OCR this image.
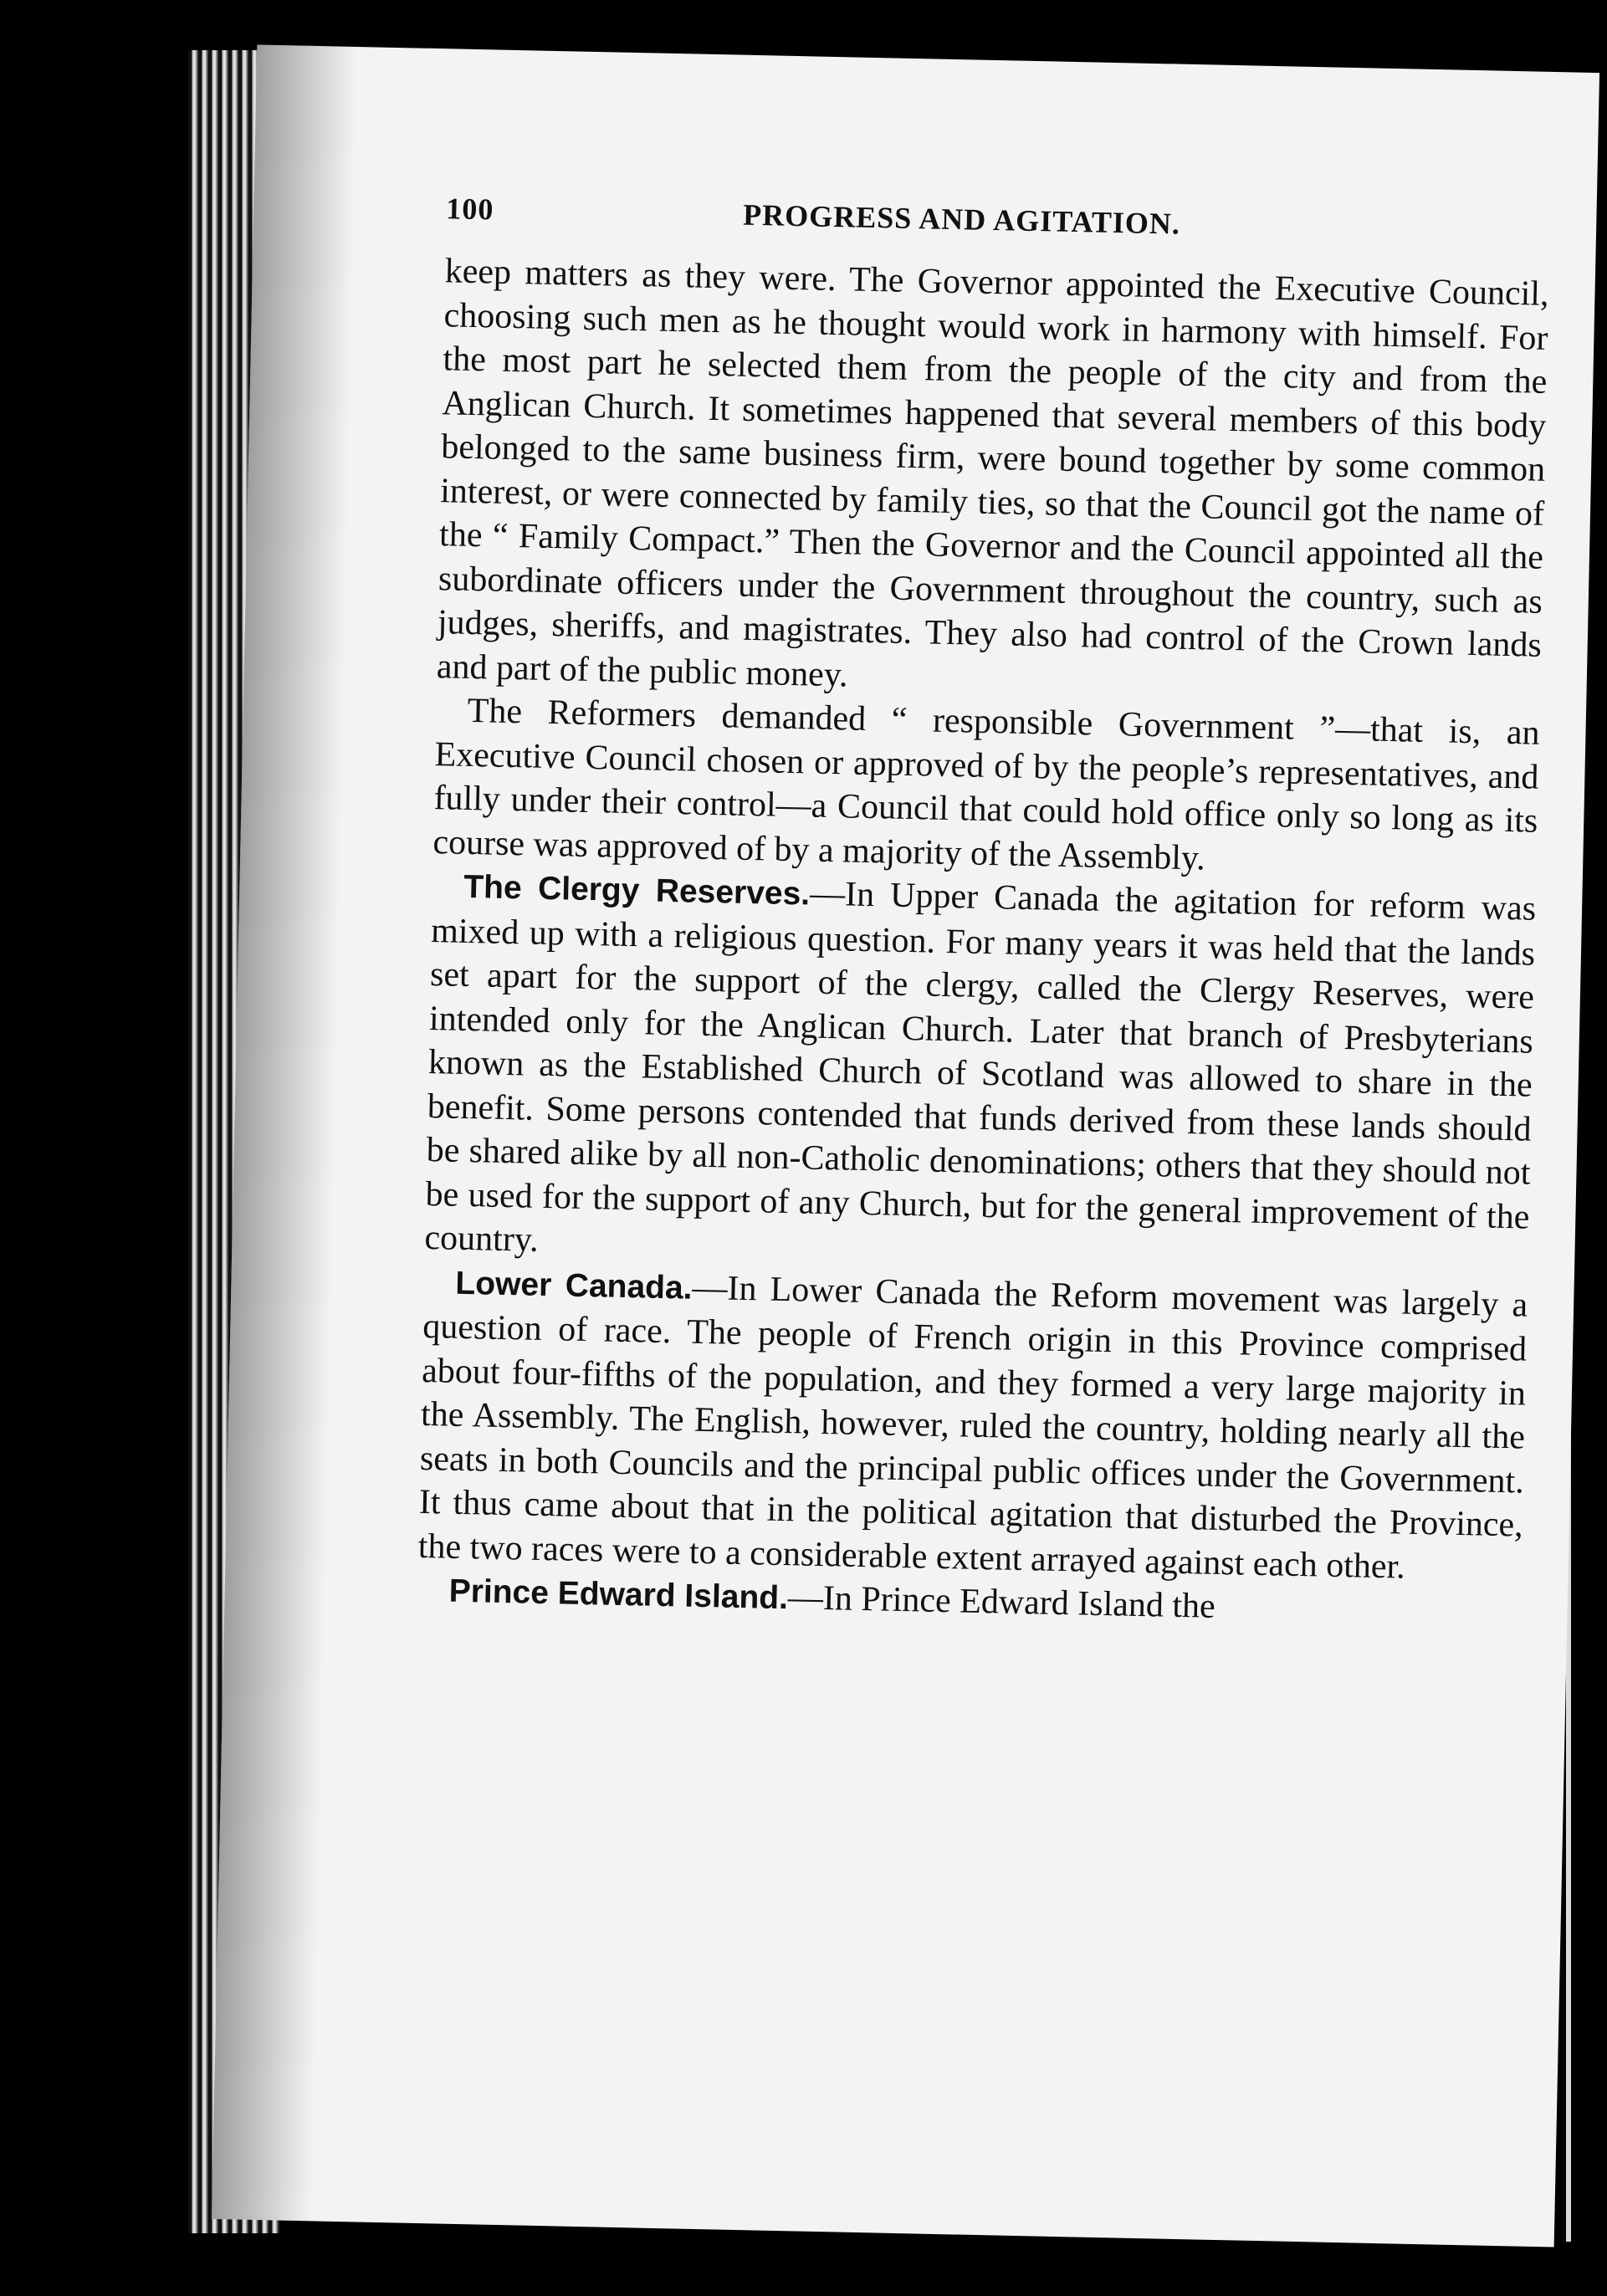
100	PROGRESS AND AGITATION.

keep matters as they were. The Governor appointed the Executive Council, choosing such men as he thought would work in harmony with himself. For the most part he selected them from the people of the city and from the Anglican Church. It sometimes happened that several members of this body belonged to the same business firm, were bound together by some common interest, or were connected by family ties, so that the Council got the name of the “ Family Compact.” Then the Governor and the Council appointed all the subordinate officers under the Government throughout the country, such as judges, sheriffs, and magistrates. They also had control of the Crown lands and part of the public money.

The Reformers demanded “ responsible Government ”—that is, an Executive Council chosen or approved of by the people’s representatives, and fully under their control—a Council that could hold office only so long as its course was approved of by a majority of the Assembly.

The Clergy Reserves.—In Upper Canada the agitation for reform was mixed up with a religious question. For many years it was held that the lands set apart for the support of the clergy, called the Clergy Reserves, were intended only for the Anglican Church. Later that branch of Presbyterians known as the Established Church of Scotland was allowed to share in the benefit. Some persons contended that funds derived from these lands should be shared alike by all non-Catholic denominations; others that they should not be used for the support of any Church, but for the general improvement of the country.

Lower Canada.—In Lower Canada the Reform movement was largely a question of race. The people of French origin in this Province comprised about four-fifths of the population, and they formed a very large majority in the Assembly. The English, however, ruled the country, holding nearly all the seats in both Councils and the principal public offices under the Government. It thus came about that in the political agitation that disturbed the Province, the two races were to a considerable extent arrayed against each other.

Prince Edward Island.—In Prince Edward Island the
